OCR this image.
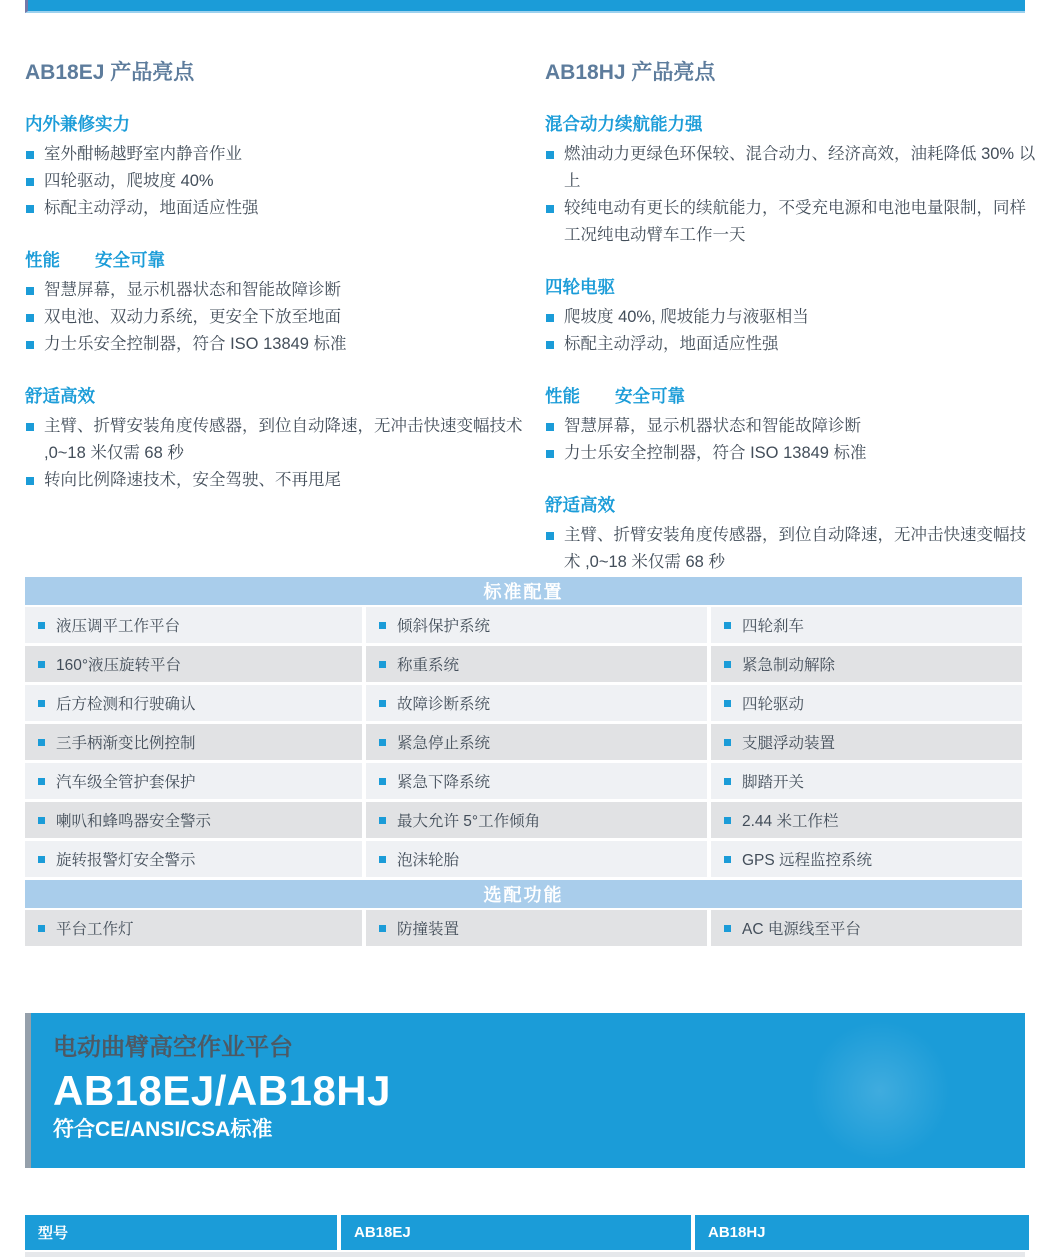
AB18EJ 产品亮点
内外兼修实力
室外酣畅越野室内静音作业
四轮驱动，爬坡度 40%
标配主动浮动，地面适应性强
性能　　安全可靠
智慧屏幕，显示机器状态和智能故障诊断
双电池、双动力系统，更安全下放至地面
力士乐安全控制器，符合 ISO 13849 标准
舒适高效
主臂、折臂安装角度传感器，到位自动降速，无冲击快速变幅技术 ,0~18 米仅需 68 秒
转向比例降速技术，安全驾驶、不再甩尾
AB18HJ 产品亮点
混合动力续航能力强
燃油动力更绿色环保较、混合动力、经济高效，油耗降低 30% 以上
较纯电动有更长的续航能力，不受充电源和电池电量限制，同样工况纯电动臂车工作一天
四轮电驱
爬坡度 40%, 爬坡能力与液驱相当
标配主动浮动，地面适应性强
性能　　安全可靠
智慧屏幕，显示机器状态和智能故障诊断
力士乐安全控制器，符合 ISO 13849 标准
舒适高效
主臂、折臂安装角度传感器，到位自动降速，无冲击快速变幅技术 ,0~18 米仅需 68 秒
标准配置
液压调平工作平台	倾斜保护系统	四轮刹车
160°液压旋转平台	称重系统	紧急制动解除
后方检测和行驶确认	故障诊断系统	四轮驱动
三手柄渐变比例控制	紧急停止系统	支腿浮动装置
汽车级全管护套保护	紧急下降系统	脚踏开关
喇叭和蜂鸣器安全警示	最大允许 5°工作倾角	2.44 米工作栏
旋转报警灯安全警示	泡沫轮胎	GPS 远程监控系统
选配功能
平台工作灯	防撞装置	AC 电源线至平台
电动曲臂高空作业平台
AB18EJ/AB18HJ
符合CE/ANSI/CSA标准
型号	AB18EJ	AB18HJ
